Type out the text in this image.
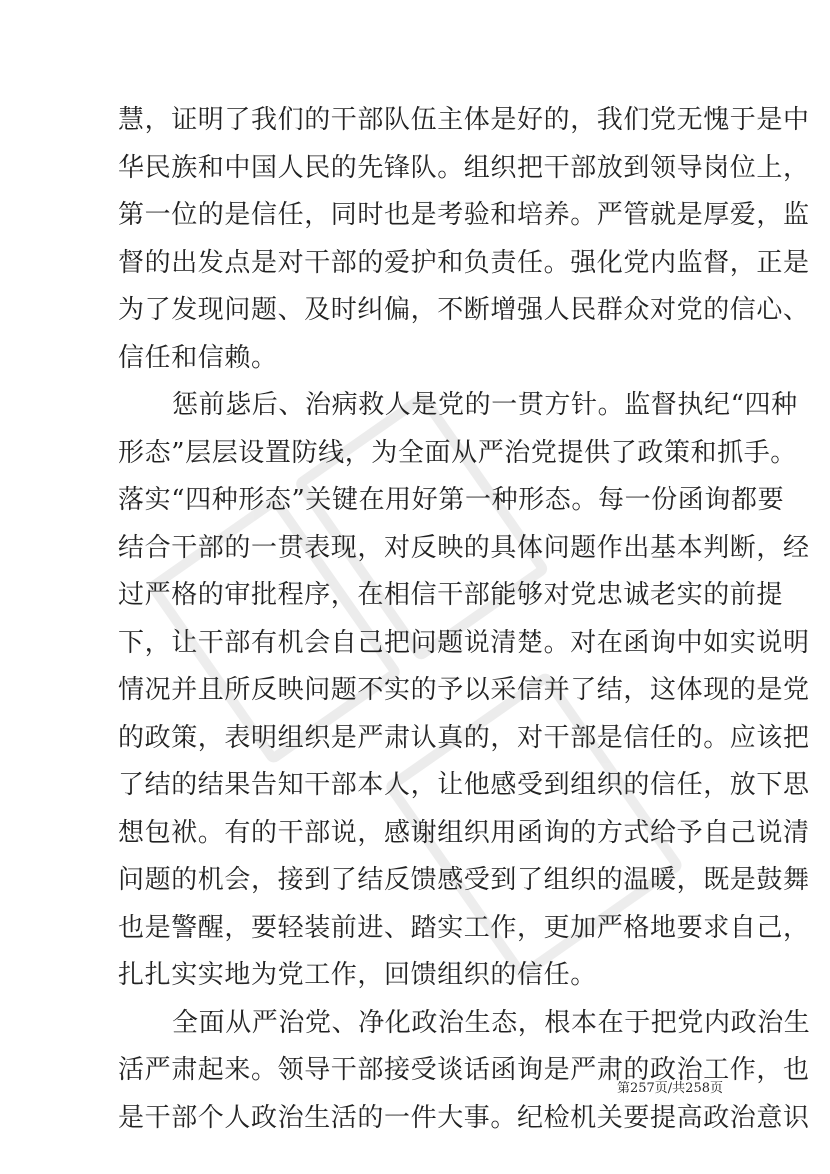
慧，证明了我们的干部队伍主体是好的，我们党无愧于是中
华民族和中国人民的先锋队。组织把干部放到领导岗位上，
第一位的是信任，同时也是考验和培养。严管就是厚爱，监
督的出发点是对干部的爱护和负责任。强化党内监督，正是
为了发现问题、及时纠偏，不断增强人民群众对党的信心、
信任和信赖。
惩前毖后、治病救人是党的一贯方针。监督执纪“四种
形态”层层设置防线，为全面从严治党提供了政策和抓手。
落实“四种形态”关键在用好第一种形态。每一份函询都要
结合干部的一贯表现，对反映的具体问题作出基本判断，经
过严格的审批程序，在相信干部能够对党忠诚老实的前提
下，让干部有机会自己把问题说清楚。对在函询中如实说明
情况并且所反映问题不实的予以采信并了结，这体现的是党
的政策，表明组织是严肃认真的，对干部是信任的。应该把
了结的结果告知干部本人，让他感受到组织的信任，放下思
想包袱。有的干部说，感谢组织用函询的方式给予自己说清
问题的机会，接到了结反馈感受到了组织的温暖，既是鼓舞
也是警醒，要轻装前进、踏实工作，更加严格地要求自己，
扎扎实实地为党工作，回馈组织的信任。
全面从严治党、净化政治生态，根本在于把党内政治生
活严肃起来。领导干部接受谈话函询是严肃的政治工作，也
是干部个人政治生活的一件大事。纪检机关要提高政治意识
第257页/共258页
